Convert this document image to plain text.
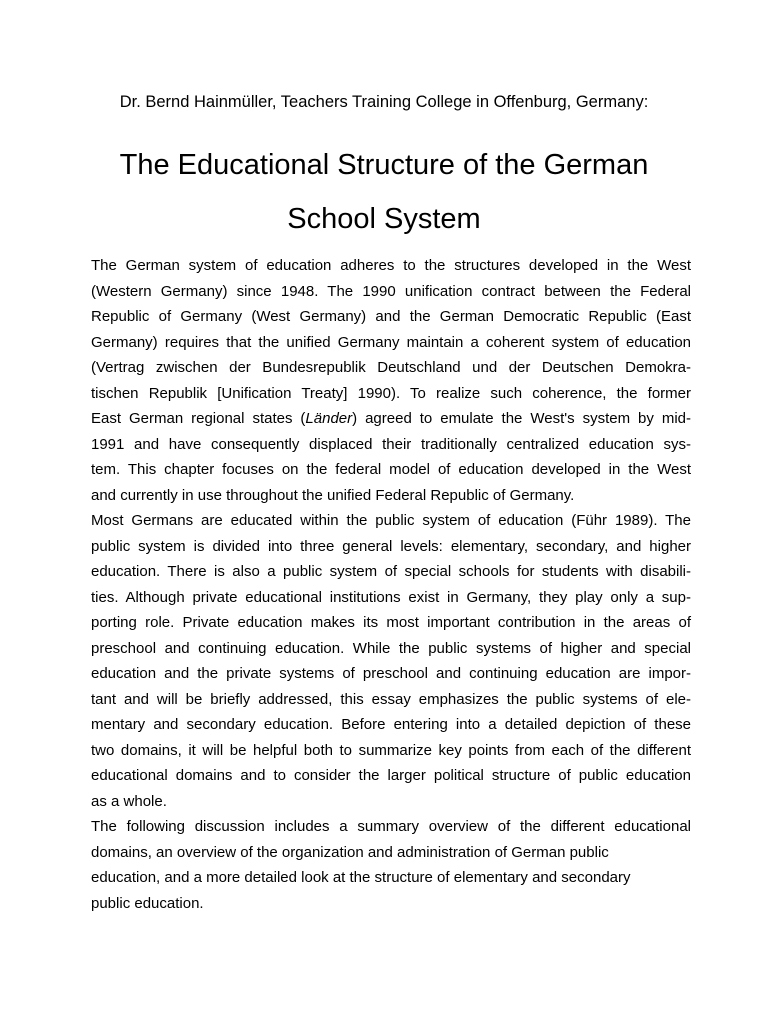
Dr. Bernd Hainmüller, Teachers Training College in Offenburg, Germany:
The Educational Structure of the German
School System
The German system of education adheres to the structures developed in the West
(Western Germany) since 1948. The 1990 unification contract between the Federal
Republic of Germany (West Germany) and the German Democratic Republic (East
Germany) requires that the unified Germany maintain a coherent system of education
(Vertrag zwischen der Bundesrepublik Deutschland und der Deutschen Demokra-
tischen Republik [Unification Treaty] 1990). To realize such coherence, the former
East German regional states (Länder) agreed to emulate the West's system by mid-
1991 and have consequently displaced their traditionally centralized education sys-
tem. This chapter focuses on the federal model of education developed in the West
and currently in use throughout the unified Federal Republic of Germany.
Most Germans are educated within the public system of education (Führ 1989). The
public system is divided into three general levels: elementary, secondary, and higher
education. There is also a public system of special schools for students with disabili-
ties. Although private educational institutions exist in Germany, they play only a sup-
porting role. Private education makes its most important contribution in the areas of
preschool and continuing education. While the public systems of higher and special
education and the private systems of preschool and continuing education are impor-
tant and will be briefly addressed, this essay emphasizes the public systems of ele-
mentary and secondary education. Before entering into a detailed depiction of these
two domains, it will be helpful both to summarize key points from each of the different
educational domains and to consider the larger political structure of public education
as a whole.
The following discussion includes a summary overview of the different educational
domains, an overview of the organization and administration of German public
education, and a more detailed look at the structure of elementary and secondary
public education.
